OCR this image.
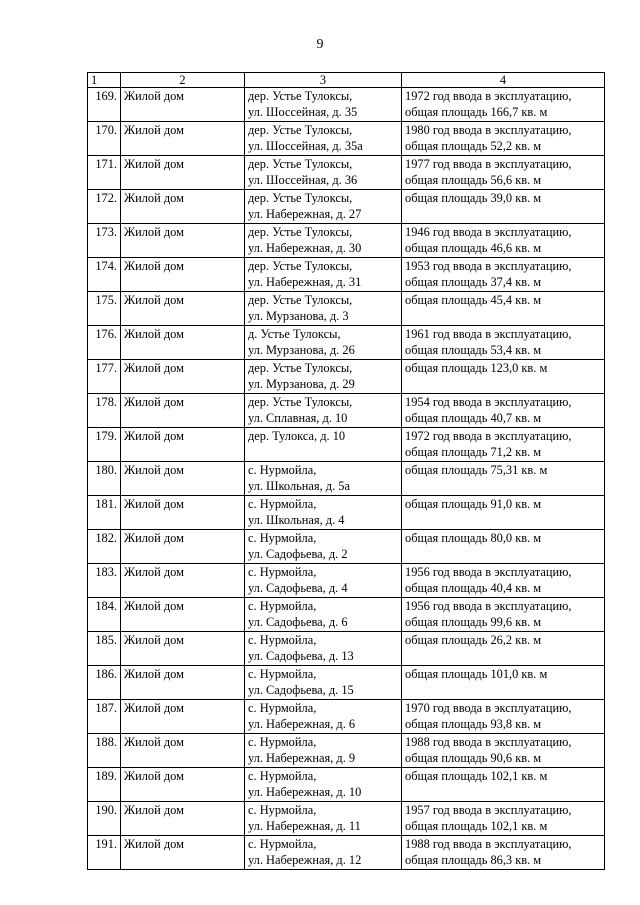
9
1	2	3	4
169.	Жилой дом	дер. Устье Тулоксы,
ул. Шоссейная, д. 35	1972 год ввода в эксплуатацию,
общая площадь 166,7 кв. м

170.	Жилой дом	дер. Устье Тулоксы,
ул. Шоссейная, д. 35а	1980 год ввода в эксплуатацию,
общая площадь 52,2 кв. м

171.	Жилой дом	дер. Устье Тулоксы,
ул. Шоссейная, д. 36	1977 год ввода в эксплуатацию,
общая площадь 56,6 кв. м

172.	Жилой дом	дер. Устье Тулоксы,
ул. Набережная, д. 27	общая площадь 39,0 кв. м

173.	Жилой дом	дер. Устье Тулоксы,
ул. Набережная, д. 30	1946 год ввода в эксплуатацию,
общая площадь 46,6 кв. м

174.	Жилой дом	дер. Устье Тулоксы,
ул. Набережная, д. 31	1953 год ввода в эксплуатацию,
общая площадь 37,4 кв. м

175.	Жилой дом	дер. Устье Тулоксы,
ул. Мурзанова, д. 3	общая площадь 45,4 кв. м

176.	Жилой дом	д. Устье Тулоксы,
ул. Мурзанова, д. 26	1961 год ввода в эксплуатацию,
общая площадь 53,4 кв. м

177.	Жилой дом	дер. Устье Тулоксы,
ул. Мурзанова, д. 29	общая площадь 123,0 кв. м

178.	Жилой дом	дер. Устье Тулоксы,
ул. Сплавная, д. 10	1954 год ввода в эксплуатацию,
общая площадь 40,7 кв. м

179.	Жилой дом	дер. Тулокса, д. 10	1972 год ввода в эксплуатацию,
общая площадь 71,2 кв. м

180.	Жилой дом	с. Нурмойла,
ул. Школьная, д. 5а	общая площадь 75,31 кв. м

181.	Жилой дом	с. Нурмойла,
ул. Школьная, д. 4	общая площадь 91,0 кв. м

182.	Жилой дом	с. Нурмойла,
ул. Садофьева, д. 2	общая площадь 80,0 кв. м

183.	Жилой дом	с. Нурмойла,
ул. Садофьева, д. 4	1956 год ввода в эксплуатацию,
общая площадь 40,4 кв. м

184.	Жилой дом	с. Нурмойла,
ул. Садофьева, д. 6	1956 год ввода в эксплуатацию,
общая площадь 99,6 кв. м

185.	Жилой дом	с. Нурмойла,
ул. Садофьева, д. 13	общая площадь 26,2 кв. м

186.	Жилой дом	с. Нурмойла,
ул. Садофьева, д. 15	общая площадь 101,0 кв. м

187.	Жилой дом	с. Нурмойла,
ул. Набережная, д. 6	1970 год ввода в эксплуатацию,
общая площадь 93,8 кв. м

188.	Жилой дом	с. Нурмойла,
ул. Набережная, д. 9	1988 год ввода в эксплуатацию,
общая площадь 90,6 кв. м

189.	Жилой дом	с. Нурмойла,
ул. Набережная, д. 10	общая площадь 102,1 кв. м

190.	Жилой дом	с. Нурмойла,
ул. Набережная, д. 11	1957 год ввода в эксплуатацию,
общая площадь 102,1 кв. м

191.	Жилой дом	с. Нурмойла,
ул. Набережная, д. 12	1988 год ввода в эксплуатацию,
общая площадь 86,3 кв. м
